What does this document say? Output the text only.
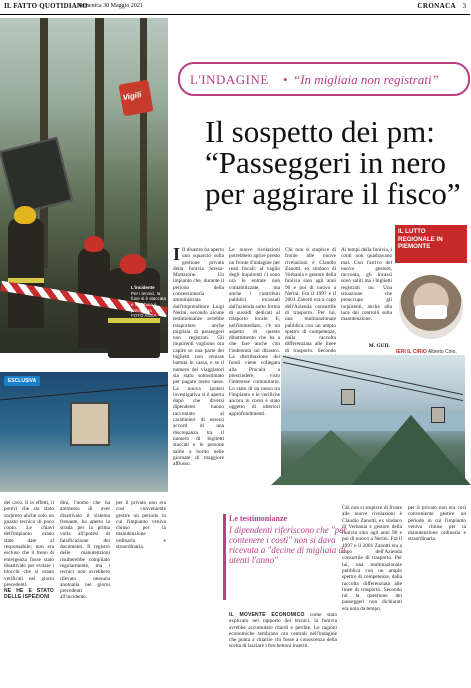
IL FATTO QUOTIDIANO
Domenica 30 Maggio 2021	CRONACA 3
Vigili
L'incidente
Per i tecnici, la fune si è staccata e la cabina è precipitata
FOTO ANSA
L'INDAGINE • “In migliaia non registrati”
Il sospetto dei pm: “Passeggeri in nero per aggirare il fisco”
I Il disastro ha aperto uno squarcio sulla gestione privata della funivia Stresa-Mottarone. Un impianto che, durante il periodo della concessionaria amministrata dall'imprenditore Luigi Nerini, secondo alcune testimonianze avrebbe trasportato anche migliaia di passeggeri non registrati. Gli inquirenti vogliono ora capire se una parte dei biglietti non venisse battuta in cassa, e se il numero dei viaggiatori sia stato sottostimato per pagare meno tasse. La nuova ipotesi investigativa si è aperta dopo che diversi dipendenti hanno raccontato ai carabinieri di essersi accorti di una discrepanza tra il numero di biglietti staccati e le persone salite a bordo nelle giornate di maggiore afflusso.
Le nuove rivelazioni potrebbero aprire presto un fronte d'indagine per reati fiscali: al vaglio degli inquirenti ci sono ora le entrate non contabilizzate, ma anche i contributi pubblici incassati dall'azienda sotto forma di sussidi dedicati al trasporto locale. E, nell'immediato, c'è un aspetto di questo dibattimento che ha a che fare anche con l'indennità sul disastro. La distribuzione dei fondi viene collegata alla Procura a prescindere, visto l'interesse comunitario. Lo stato di un nesso tra l'impianto e le verifiche ancora in corso è stato oggetto di ulteriori approfondimenti.
Chi non si stupisce di fronte alle nuove rivelazioni è Claudio Zanotti, ex sindaco di Verbania e gestore della funivia sino agli anni 90 e poi di nuovo a Nerini. Fra il 1997 e il 2001 Zanotti era a capo dell'Azienda consortile di trasporto. Per lui, una multinazionale pubblica con un ampio spettro di competenze, dalla raccolta differenziata alle linee di trasporto. Secondo
Ai tempi della funivia, i conti non quadravano mai. Con l'arrivo del nuovo gestore, racconta, gli incassi sono saliti ma i biglietti registrati no. Una situazione che preoccupa gli inquirenti, anche alla luce dei controlli sulla manutenzione.
IL LUTTO REGIONALE IN PIEMONTE
IERI IL CIRIO Alberto Cirio,
ESCLUSIVA
dei cavo. Il in effetti, il potevi che sia stato sorpreso anche solo un guasto tecnico di poco conto. Le chiavi dell'impianto erano state date al responsabile; non era escluso che il freno di emergenza fosse stato disattivato per evitare i blocchi che si erano verificati nei giorni precedenti.
NE HE E STATO DELLE ISPEZIONI
dini, l'uomo che ha ammesso di aver disattivato il sistema frenante, ha aperto la strada per la prima volta all'ipotesi di falsificazione dei documenti. Il registro delle manutenzioni risulterebbe compilato regolarmente, ma i tecnici non avrebbero rilevato nessuna anomalia nei giorni precedenti all'incidente.
per il privato non era così conveniente gestire un periodo in cui l'impianto veniva chiuso per la manutenzione ordinaria e straordinaria.
Le testimonianze
I dipendenti riferiscono che "per contenere i costi" non si dava ricevuta a "decine di migliaia di utenti l'anno"
IL MOVENTE ECONOMICO come stato explicato nel rapporto dei tecnici, la funivia avrebbe accumulato ritardi e perdite. Le ragioni economiche sembrano ora centrali nell'indagine che punta a chiarire chi fosse a conoscenza della scelta di lasciare i forchettoni inseriti.
Chi non si stupisce di fronte alle nuove rivelazioni è Claudio Zanotti, ex sindaco di Verbania e gestore della funivia sino agli anni 90 e poi di nuovo a Nerini. Fra il 1997 e il 2001 Zanotti era a capo dell'Azienda consortile di trasporto. Per lui, una multinazionale pubblica con un ampio spettro di competenze, dalla raccolta differenziata alle linee di trasporto. Secondo lui la questione dei passeggeri non dichiarati era nota da tempo.
per il privato non era così conveniente gestire un periodo in cui l'impianto veniva chiuso per la manutenzione ordinaria e straordinaria.
M. GUIL
